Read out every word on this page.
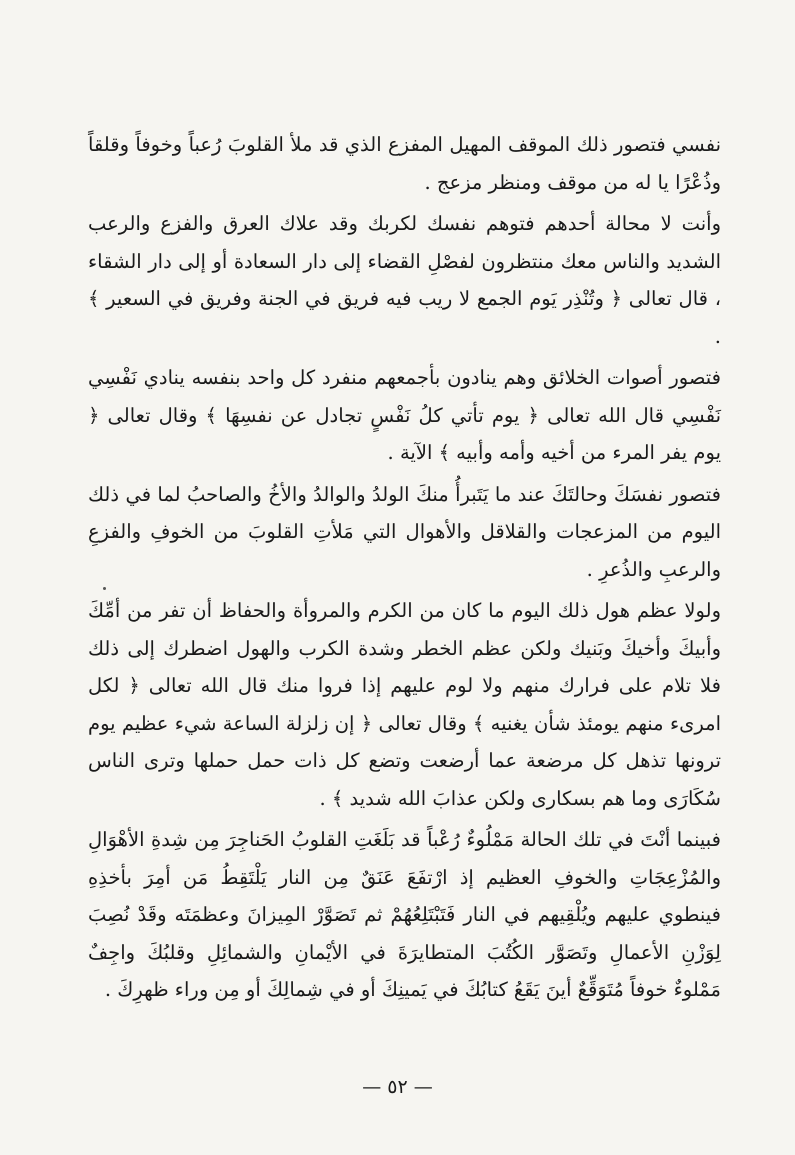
نفسي فتصور ذلك الموقف المهيل المفزع الذي قد ملأ القلوبَ رُعباً وخوفاً وقلقاً وذُعْرًا يا له من موقف ومنظر مزعج .

وأنت لا محالة أحدهم فتوهم نفسك لكربك وقد علاك العرق والفزع والرعب الشديد والناس معك منتظرون لفصْلِ القضاء إلى دار السعادة أو إلى دار الشقاء ، قال تعالى ﴿ وتُنْذِر يَوم الجمع لا ريب فيه فريق في الجنة وفريق في السعير ﴾ .

فتصور أصوات الخلائق وهم ينادون بأجمعهم منفرد كل واحد بنفسه ينادي نَفْسِي نَفْسِي قال الله تعالى ﴿ يوم تأتي كلُ نَفْسٍ تجادل عن نفسِهَا ﴾ وقال تعالى ﴿ يوم يفر المرء من أخيه وأمه وأبيه ﴾ الآية .

فتصور نفسَكَ وحالتَكَ عند ما يَتَبرأُ منكَ الولدُ والوالدُ والأخُ والصاحبُ لما في ذلك اليوم من المزعجات والقلاقل والأهوال التي مَلأتِ القلوبَ من الخوفِ والفزعِ والرعبِ والذُعرِ .

ولولا عظم هول ذلك اليوم ما كان من الكرم والمروأة والحفاظ أن تفر من أمِّكَ وأبيكَ وأخيكَ وبَنيك ولكن عظم الخطر وشدة الكرب والهول اضطرك إلى ذلك فلا تلام على فرارك منهم ولا لوم عليهم إذا فروا منك قال الله تعالى ﴿ لكل امرىء منهم يومئذ شأن يغنيه ﴾ وقال تعالى ﴿ إن زلزلة الساعة شيء عظيم يوم ترونها تذهل كل مرضعة عما أرضعت وتضع كل ذات حمل حملها وترى الناس سُكَارَى وما هم بسكارى ولكن عذابَ الله شديد ﴾ .

فبينما أنْتَ في تلك الحالة مَمْلُوءٌ رُعْباً قد بَلَغَتِ القلوبُ الحَناجِرَ مِن شِدةِ الأهْوَالِ والمُزْعِجَاتِ والخوفِ العظيم إذ ارْتفَعَ عَنَقٌ مِن النار يَلْتَقِطُ مَن أمِرَ بأخذِهِ فينطوي عليهم ويُلْقِيهم في النار فَتَبْتَلِعُهُمْ ثم تَصَوَّرْ المِيزانَ وعظمَتَه وقَدْ نُصِبَ لِوَزْنِ الأعمالِ وتَصَوَّر الكُتُبَ المتطايرَةَ في الأيْمانِ والشمائِلِ وقلبُكَ واجِفٌ مَمْلوءٌ خوفاً مُتَوَقِّعٌ أينَ يَقَعُ كتابُكَ في يَمينِكَ أو في شِمالِكَ أو مِن وراء ظهرِكَ .

— ٥٢ —
